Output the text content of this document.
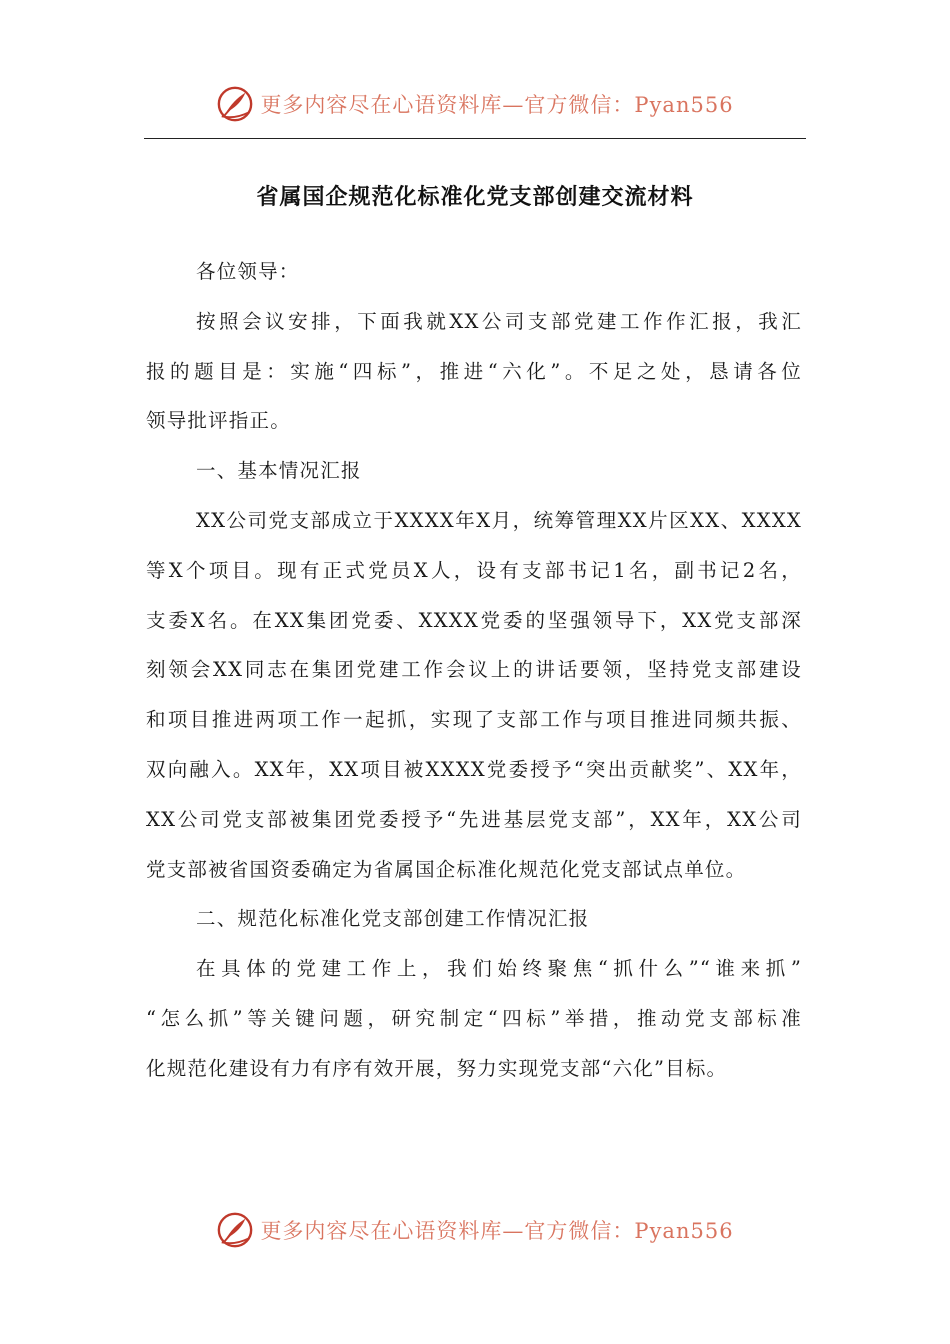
更多内容尽在心语资料库—官方微信：Pyan556
省属国企规范化标准化党支部创建交流材料
各位领导：
按照会议安排，下面我就XX公司支部党建工作作汇报，我汇
报的题目是：实施“四标”，推进“六化”。不足之处，恳请各位
领导批评指正。
一、基本情况汇报
XX公司党支部成立于XXXX年X月，统筹管理XX片区XX、XXXX
等X个项目。现有正式党员X人，设有支部书记1名，副书记2名，
支委X名。在XX集团党委、XXXX党委的坚强领导下，XX党支部深
刻领会XX同志在集团党建工作会议上的讲话要领，坚持党支部建设
和项目推进两项工作一起抓，实现了支部工作与项目推进同频共振、
双向融入。XX年，XX项目被XXXX党委授予“突出贡献奖”、XX年，
XX公司党支部被集团党委授予“先进基层党支部”，XX年，XX公司
党支部被省国资委确定为省属国企标准化规范化党支部试点单位。
二、规范化标准化党支部创建工作情况汇报
在具体的党建工作上，我们始终聚焦“抓什么”“谁来抓”
“怎么抓”等关键问题，研究制定“四标”举措，推动党支部标准
化规范化建设有力有序有效开展，努力实现党支部“六化”目标。
更多内容尽在心语资料库—官方微信：Pyan556
